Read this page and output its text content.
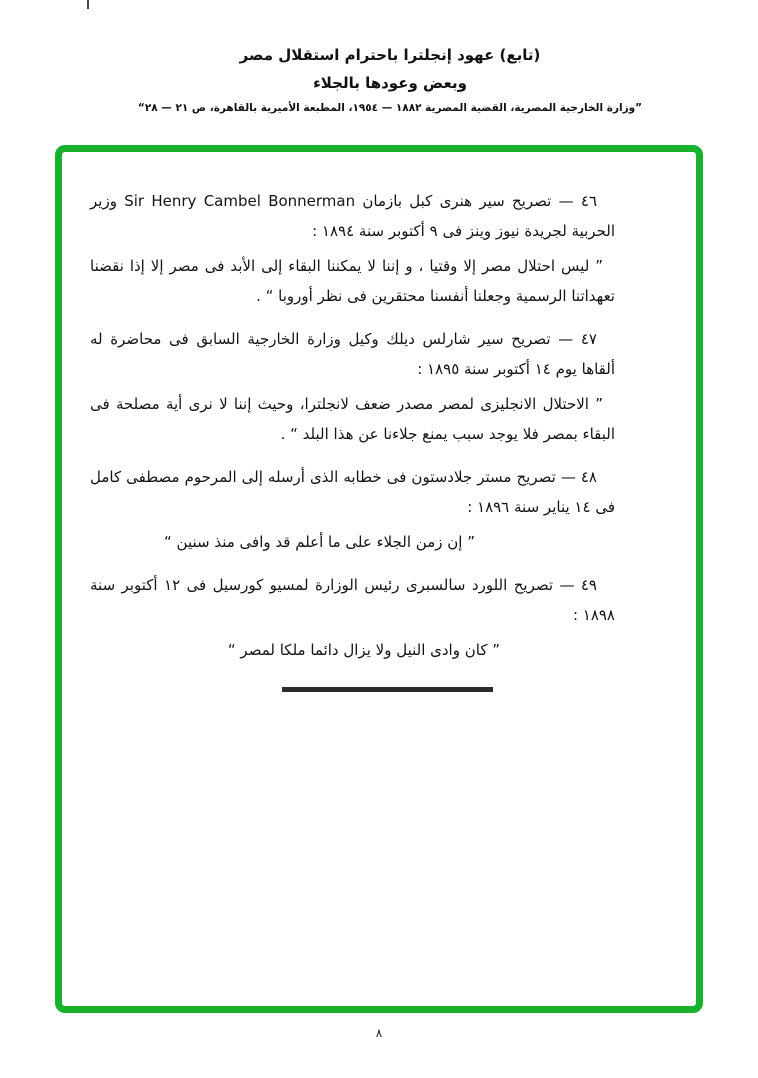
(تابع) عهود إنجلترا باحترام استقلال مصر
وبعض وعودها بالجلاء
”وزارة الخارجية المصرية، القضية المصرية ١٨٨٢ — ١٩٥٤، المطبعة الأميرية بالقاهرة، ص ٢١ — ٢٨“

٤٦ — تصريح سير هنرى كبل بازمان Sir Henry Cambel Bonnerman وزير الحربية لجريدة نيوز وينز فى ٩ أكتوبر سنة ١٨٩٤ :

” ليس احتلال مصر إلا وقتيا ، و إننا لا يمكننا البقاء إلى الأبد فى مصر إلا إذا نقضنا تعهداتنا الرسمية وجعلنا أنفسنا محتقرين فى نظر أوروبا “ .

٤٧ — تصريح سير شارلس ديلك وكيل وزارة الخارجية السابق فى محاضرة له ألقاها يوم ١٤ أكتوبر سنة ١٨٩٥ :

” الاحتلال الانجليزى لمصر مصدر ضعف لانجلترا، وحيث إننا لا نرى أية مصلحة فى البقاء بمصر فلا يوجد سبب يمنع جلاءنا عن هذا البلد “ .

٤٨ — تصريح مستر جلادستون فى خطابه الذى أرسله إلى المرحوم مصطفى كامل فى ١٤ يناير سنة ١٨٩٦ :

” إن زمن الجلاء على ما أعلم قد وافى منذ سنين “

٤٩ — تصريح اللورد سالسبرى رئيس الوزارة لمسيو كورسيل فى ١٢ أكتوبر سنة ١٨٩٨ :

” كان وادى النيل ولا يزال دائما ملكا لمصر “

٨
